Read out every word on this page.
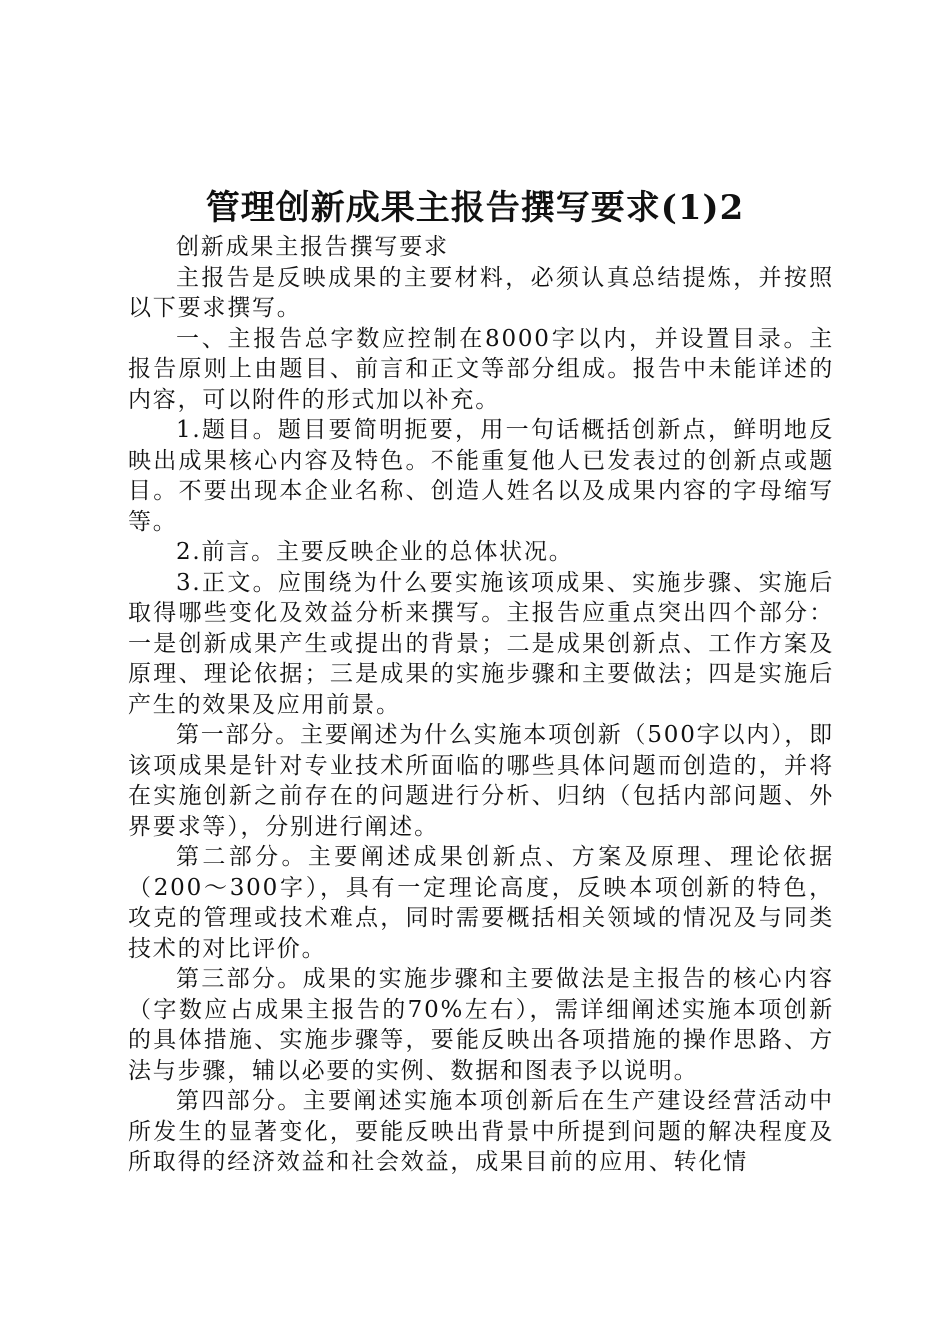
管理创新成果主报告撰写要求(1)2

创新成果主报告撰写要求

主报告是反映成果的主要材料，必须认真总结提炼，并按照以下要求撰写。

一、主报告总字数应控制在8000字以内，并设置目录。主报告原则上由题目、前言和正文等部分组成。报告中未能详述的内容，可以附件的形式加以补充。

1.题目。题目要简明扼要，用一句话概括创新点，鲜明地反映出成果核心内容及特色。不能重复他人已发表过的创新点或题目。不要出现本企业名称、创造人姓名以及成果内容的字母缩写等。

2.前言。主要反映企业的总体状况。

3.正文。应围绕为什么要实施该项成果、实施步骤、实施后取得哪些变化及效益分析来撰写。主报告应重点突出四个部分：一是创新成果产生或提出的背景；二是成果创新点、工作方案及原理、理论依据；三是成果的实施步骤和主要做法；四是实施后产生的效果及应用前景。

第一部分。主要阐述为什么实施本项创新（500字以内），即该项成果是针对专业技术所面临的哪些具体问题而创造的，并将在实施创新之前存在的问题进行分析、归纳（包括内部问题、外界要求等），分别进行阐述。

第二部分。主要阐述成果创新点、方案及原理、理论依据（200～300字），具有一定理论高度，反映本项创新的特色，攻克的管理或技术难点，同时需要概括相关领域的情况及与同类技术的对比评价。

第三部分。成果的实施步骤和主要做法是主报告的核心内容（字数应占成果主报告的70%左右），需详细阐述实施本项创新的具体措施、实施步骤等，要能反映出各项措施的操作思路、方法与步骤，辅以必要的实例、数据和图表予以说明。

第四部分。主要阐述实施本项创新后在生产建设经营活动中所发生的显著变化，要能反映出背景中所提到问题的解决程度及所取得的经济效益和社会效益，成果目前的应用、转化情
